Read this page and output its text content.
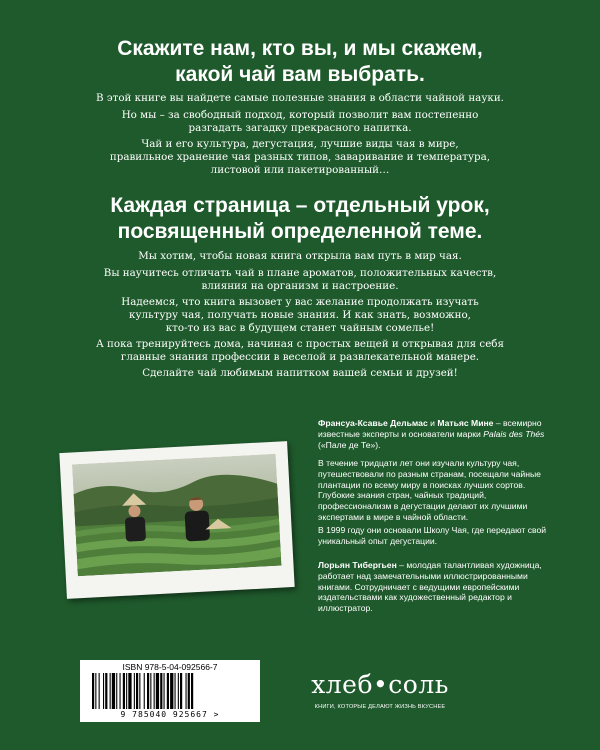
Скажите нам, кто вы, и мы скажем,
какой чай вам выбрать.

В этой книге вы найдете самые полезные знания в области чайной науки.

Но мы – за свободный подход, который позволит вам постепенно
разгадать загадку прекрасного напитка.

Чай и его культура, дегустация, лучшие виды чая в мире,
правильное хранение чая разных типов, заваривание и температура,
листовой или пакетированный…

Каждая страница – отдельный урок,
посвященный определенной теме.

Мы хотим, чтобы новая книга открыла вам путь в мир чая.

Вы научитесь отличать чай в плане ароматов, положительных качеств,
влияния на организм и настроение.

Надеемся, что книга вызовет у вас желание продолжать изучать
культуру чая, получать новые знания. И как знать, возможно,
кто-то из вас в будущем станет чайным сомелье!

А пока тренируйтесь дома, начиная с простых вещей и открывая для себя
главные знания профессии в веселой и развлекательной манере.

Сделайте чай любимым напитком вашей семьи и друзей!

Франсуа-Ксавье Дельмас и Матьяс Мине – всемирно известные эксперты и основатели марки Palais des Thés («Пале де Те»).

В течение тридцати лет они изучали культуру чая, путешествовали по разным странам, посещали чайные плантации по всему миру в поисках лучших сортов. Глубокие знания стран, чайных традиций, профессионализм в дегустации делают их лучшими экспертами в мире в чайной области.

В 1999 году они основали Школу Чая, где передают свой уникальный опыт дегустации.

Лорьян Тибергьен – молодая талантливая художница, работает над замечательными иллюстрированными книгами. Сотрудничает с ведущими европейскими издательствами как художественный редактор и иллюстратор.

ISBN 978-5-04-092566-7

9 785040 925667 >

хлеб•соль

КНИГИ, КОТОРЫЕ ДЕЛАЮТ ЖИЗНЬ ВКУСНЕЕ
